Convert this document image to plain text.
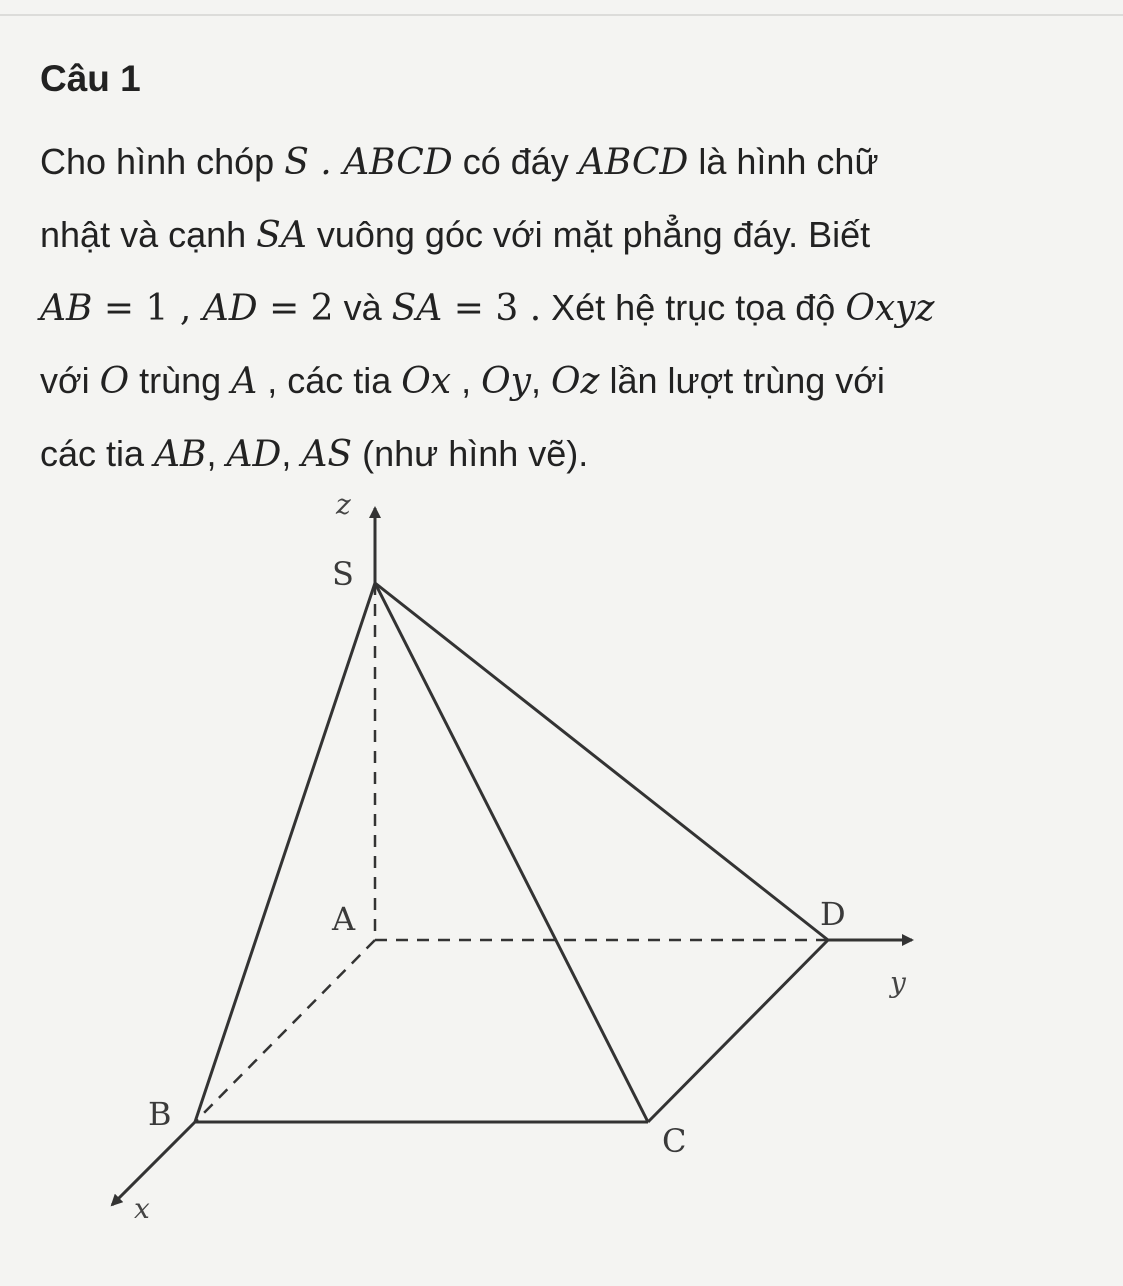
Câu 1
Cho hình chóp S . ABCD có đáy ABCD là hình chữ
nhật và cạnh SA vuông góc với mặt phẳng đáy. Biết
AB = 1 , AD = 2 và SA = 3 . Xét hệ trục tọa độ Oxyz
với O trùng A , các tia Ox , Oy, Oz lần lượt trùng với
các tia AB, AD, AS (như hình vẽ).
S
A
B
C
D
z
y
x
